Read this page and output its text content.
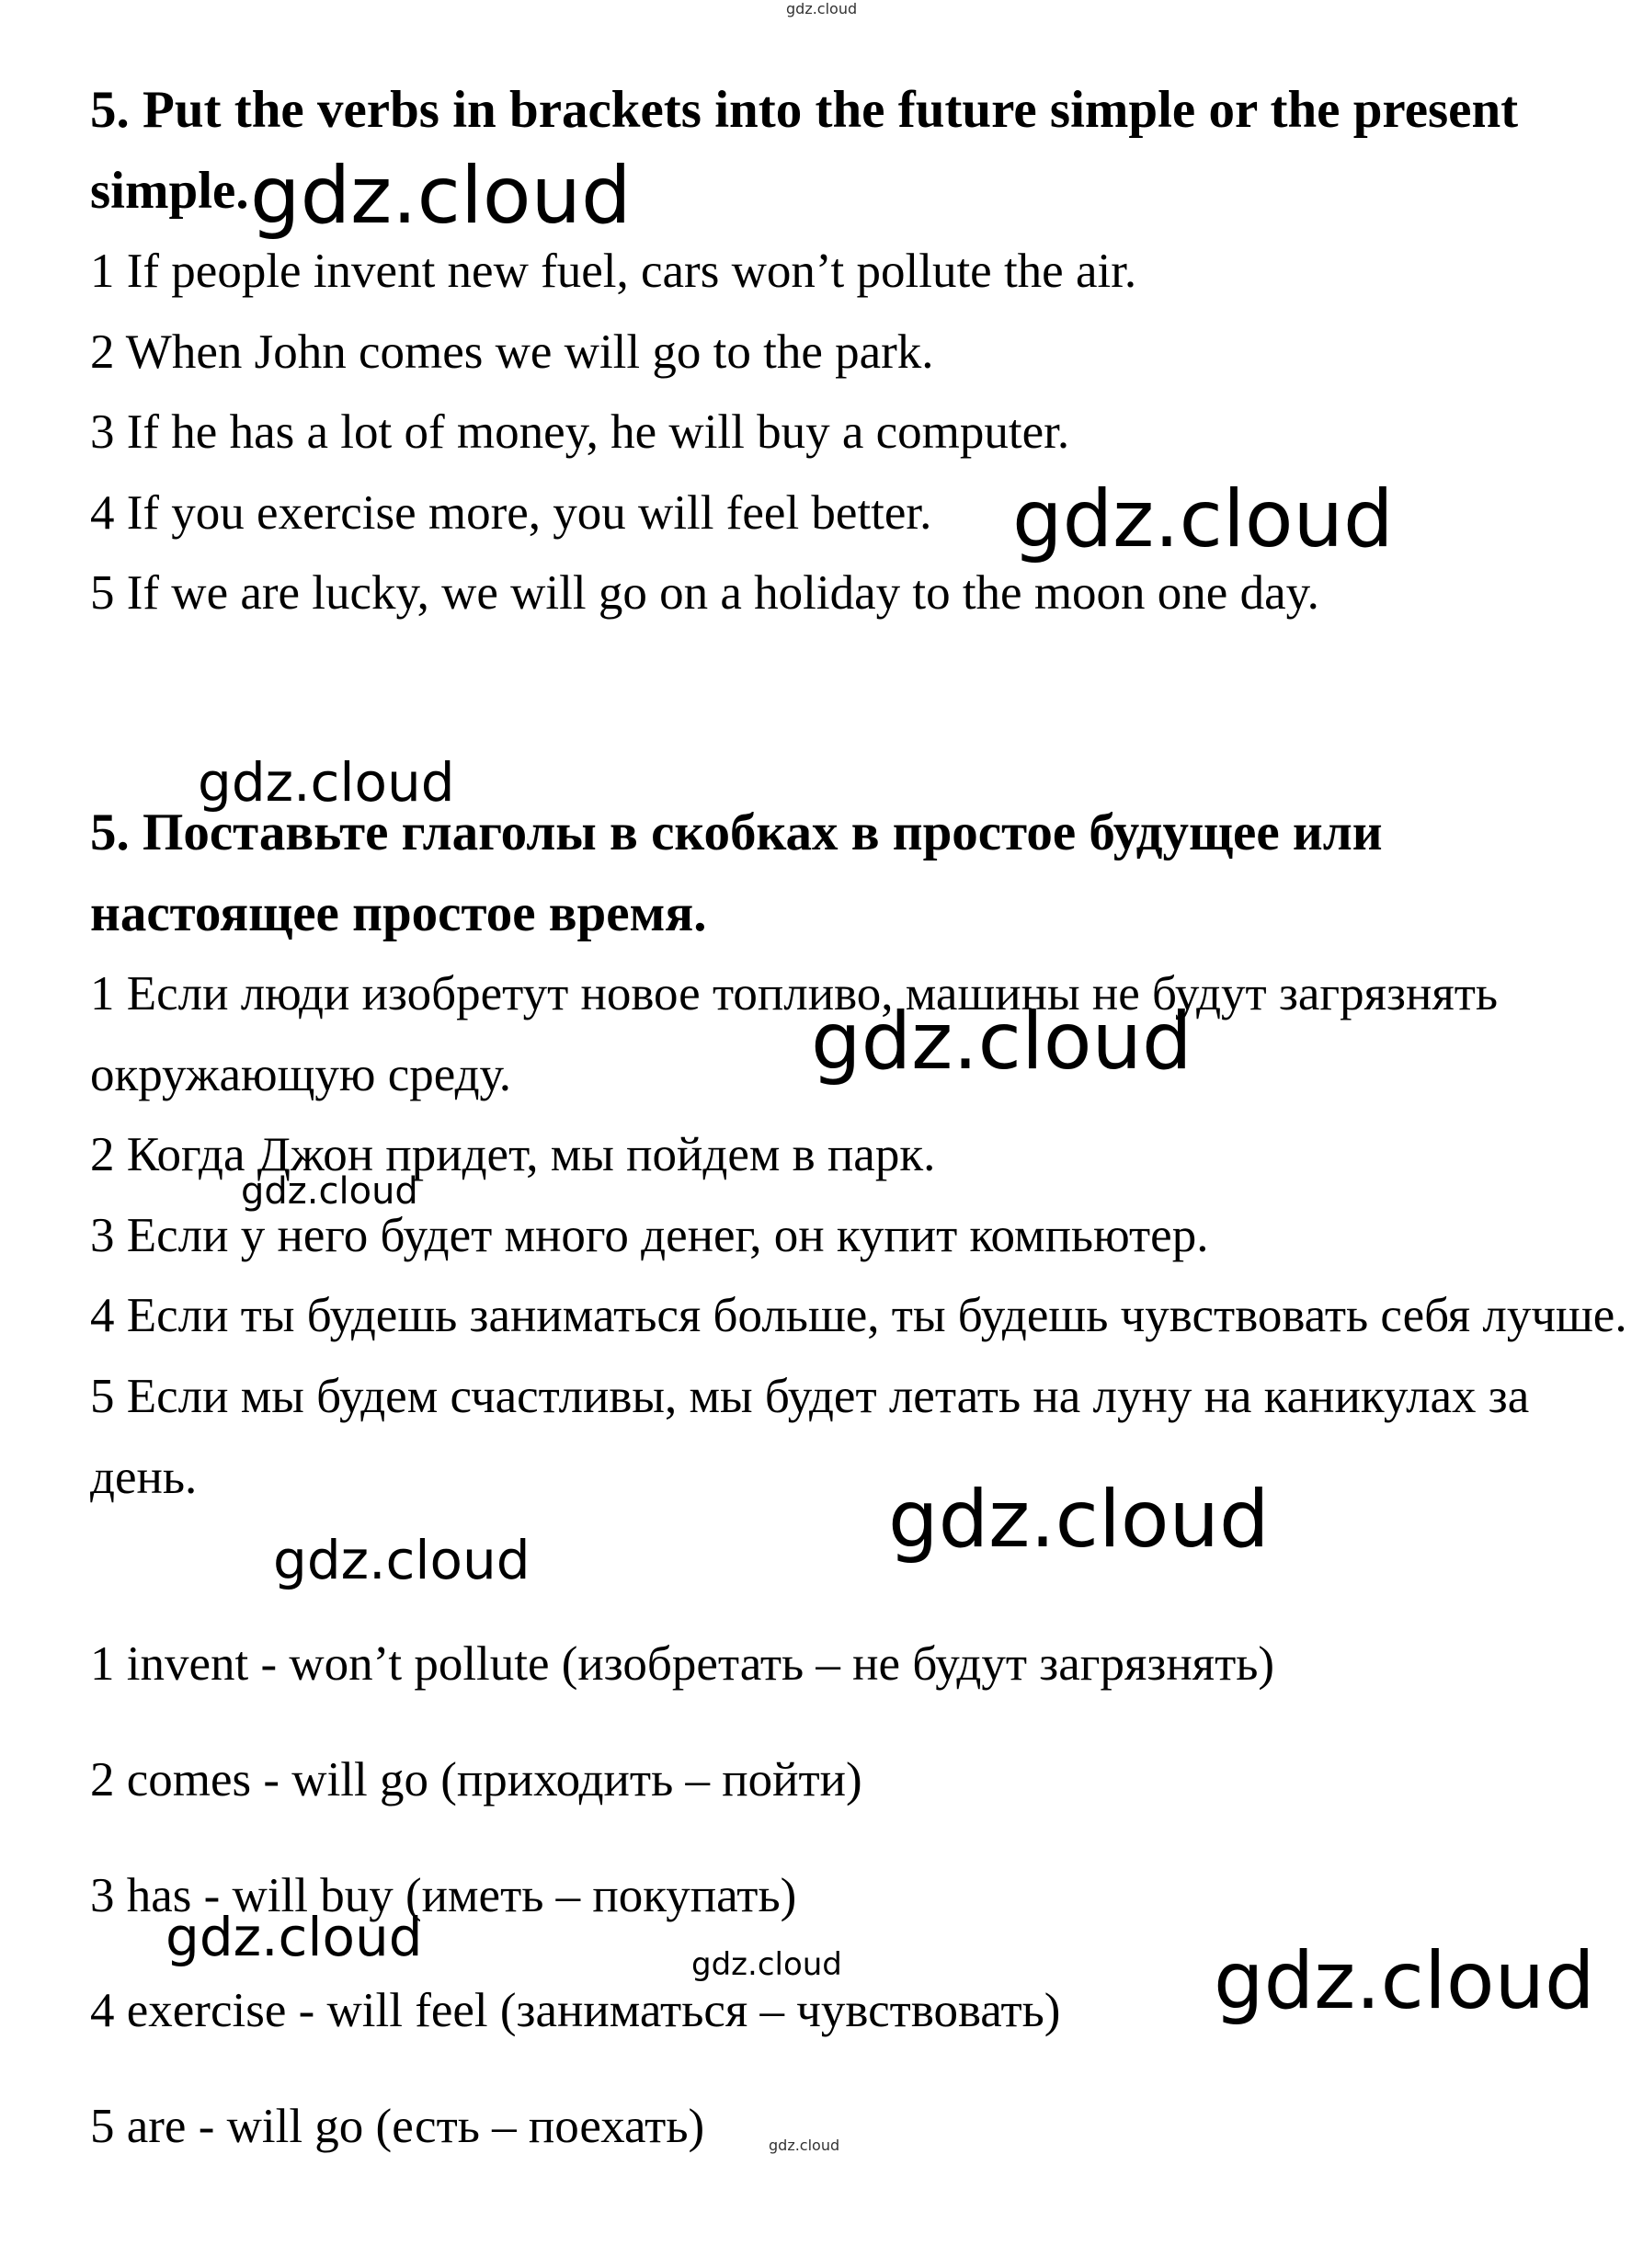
5. Put the verbs in brackets into the future simple or the present simple.

1 If people invent new fuel, cars won’t pollute the air.

2 When John comes we will go to the park.

3 If he has a lot of money, he will buy a computer.

4 If you exercise more, you will feel better.

5 If we are lucky, we will go on a holiday to the moon one day.

5. Поставьте глаголы в скобках в простое будущее или настоящее простое время.

1 Если люди изобретут новое топливо, машины не будут загрязнять окружающую среду.

2 Когда Джон придет, мы пойдем в парк.

3 Если у него будет много денег, он купит компьютер.

4 Если ты будешь заниматься больше, ты будешь чувствовать себя лучше.

5 Если мы будем счастливы, мы будет летать на луну на каникулах за день.

1 invent - won’t pollute (изобретать – не будут загрязнять)

2 comes - will go (приходить – пойти)

3 has - will buy (иметь – покупать)

4 exercise - will feel (заниматься – чувствовать)

5 are - will go (есть – поехать)

gdz.cloud
gdz.cloud
gdz.cloud
gdz.cloud
gdz.cloud
gdz.cloud
gdz.cloud
gdz.cloud
gdz.cloud	gdz.cloud	gdz.cloud
gdz.cloud
